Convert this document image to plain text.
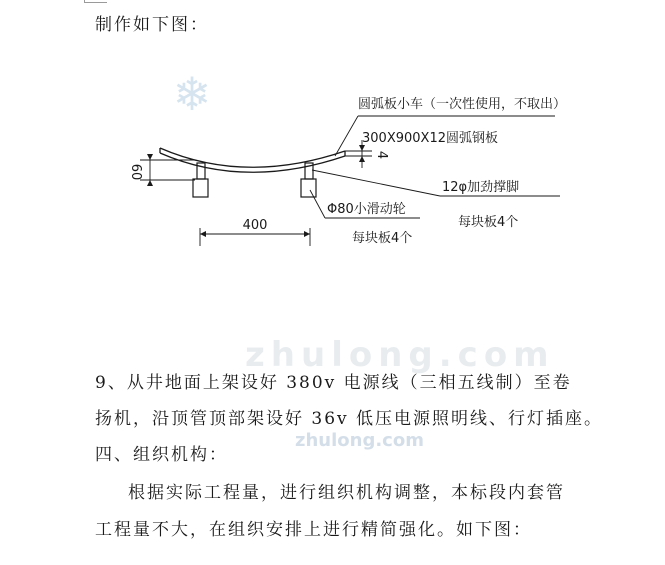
制作如下图：
❄
60
4
400
圆弧板小车（一次性使用，不取出）
300X900X12圆弧钢板
12φ加劲撑脚
每块板4个
Φ80小滑动轮
每块板4个
zhulong.com
9、从井地面上架设好 380v 电源线（三相五线制）至卷
扬机，沿顶管顶部架设好 36v 低压电源照明线、行灯插座。
zhulong.com
四、组织机构：
根据实际工程量，进行组织机构调整，本标段内套管
工程量不大，在组织安排上进行精简强化。如下图：
